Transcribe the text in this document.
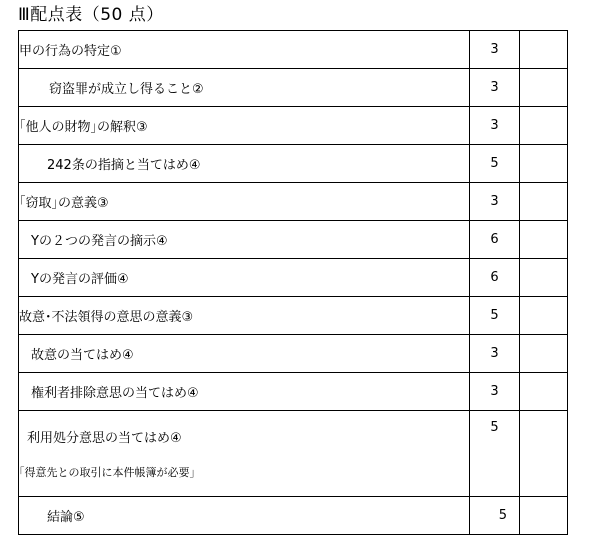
Ⅲ配点表（50 点）
甲の行為の特定①	3	
窃盗罪が成立し得ること②	3	
｢他人の財物｣の解釈③	3	
242条の指摘と当てはめ④	5	
｢窃取｣の意義③	3	
Yの２つの発言の摘示④	6	
Yの発言の評価④	6	
故意･不法領得の意思の意義③	5	
故意の当てはめ④	3	
権利者排除意思の当てはめ④	3	
利用処分意思の当てはめ④
｢得意先との取引に本件帳簿が必要｣	5	
結論⑤	5	
